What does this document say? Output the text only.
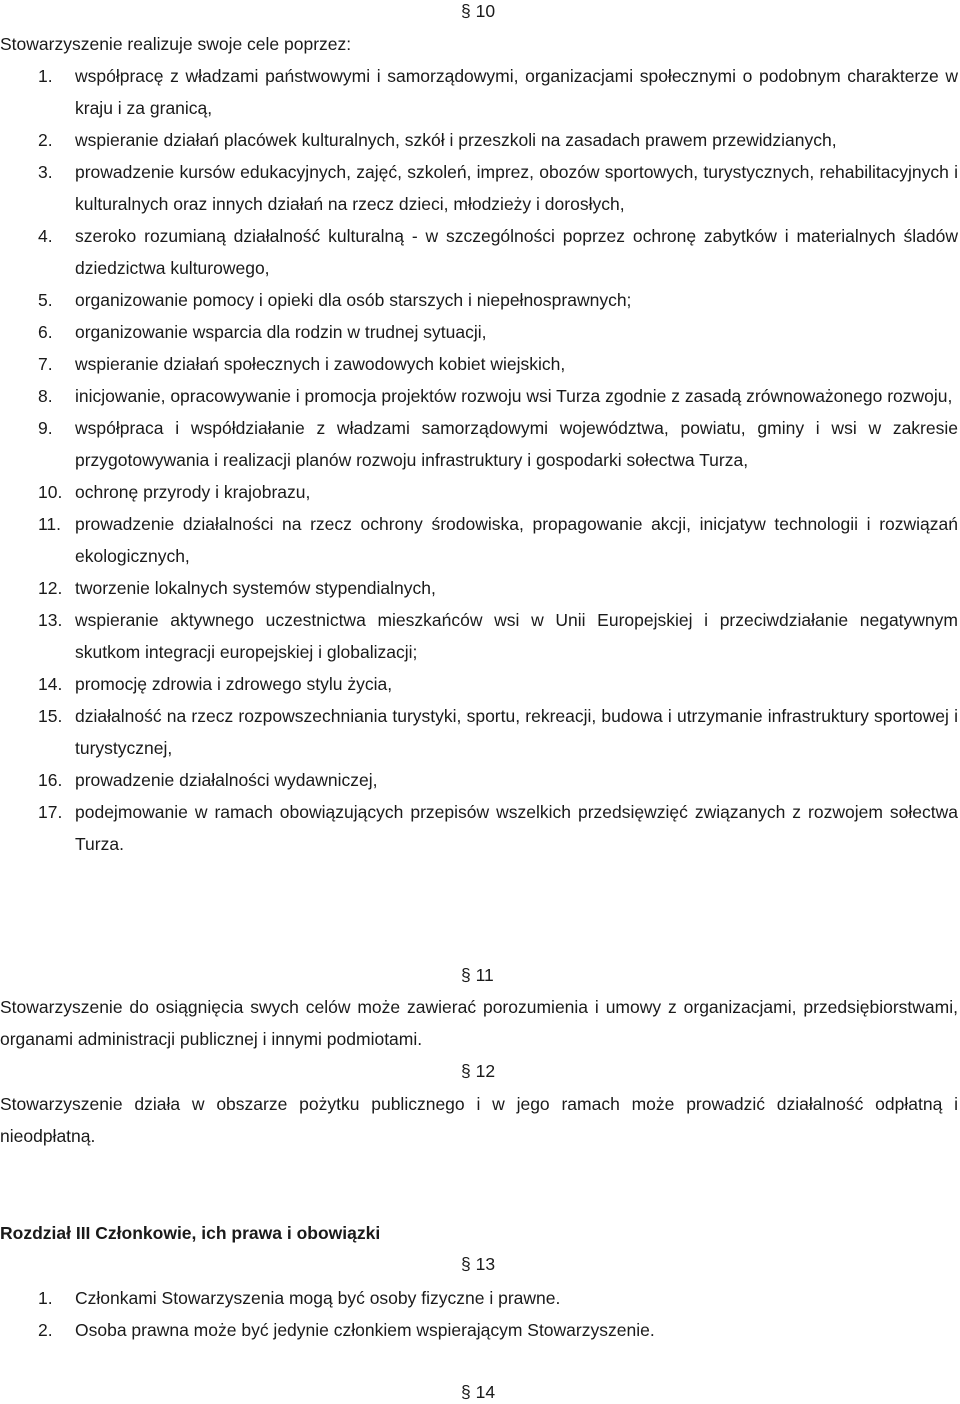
§ 10
Stowarzyszenie realizuje swoje cele poprzez:
1. współpracę z władzami państwowymi i samorządowymi, organizacjami społecznymi o podobnym charakterze w kraju i za granicą,
2. wspieranie działań placówek kulturalnych, szkół i przeszkoli na zasadach prawem przewidzianych,
3. prowadzenie kursów edukacyjnych, zajęć, szkoleń, imprez, obozów sportowych, turystycznych, rehabilitacyjnych i kulturalnych oraz innych działań na rzecz dzieci, młodzieży i dorosłych,
4. szeroko rozumianą działalność kulturalną - w szczególności poprzez ochronę zabytków i materialnych śladów dziedzictwa kulturowego,
5. organizowanie pomocy i opieki dla osób starszych i niepełnosprawnych;
6. organizowanie wsparcia dla rodzin w trudnej sytuacji,
7. wspieranie działań społecznych i zawodowych kobiet wiejskich,
8. inicjowanie, opracowywanie i promocja projektów rozwoju wsi Turza zgodnie z zasadą zrównoważonego rozwoju,
9. współpraca i współdziałanie z władzami samorządowymi województwa, powiatu, gminy i wsi w zakresie przygotowywania i realizacji planów rozwoju infrastruktury i gospodarki sołectwa Turza,
10. ochronę przyrody i krajobrazu,
11. prowadzenie działalności na rzecz ochrony środowiska, propagowanie akcji, inicjatyw technologii i rozwiązań ekologicznych,
12. tworzenie lokalnych systemów stypendialnych,
13. wspieranie aktywnego uczestnictwa mieszkańców wsi w Unii Europejskiej i przeciwdziałanie negatywnym skutkom integracji europejskiej i globalizacji;
14. promocję zdrowia i zdrowego stylu życia,
15. działalność na rzecz rozpowszechniania turystyki, sportu, rekreacji, budowa i utrzymanie infrastruktury sportowej i turystycznej,
16. prowadzenie działalności wydawniczej,
17. podejmowanie w ramach obowiązujących przepisów wszelkich przedsięwzięć związanych z rozwojem sołectwa Turza.
§ 11
Stowarzyszenie do osiągnięcia swych celów może zawierać porozumienia i umowy z organizacjami, przedsiębiorstwami, organami administracji publicznej i innymi podmiotami.
§ 12
Stowarzyszenie działa w obszarze pożytku publicznego i w jego ramach może prowadzić działalność odpłatną i nieodpłatną.
Rozdział III Członkowie, ich prawa i obowiązki
§ 13
1. Członkami Stowarzyszenia mogą być osoby fizyczne i prawne.
2. Osoba prawna może być jedynie członkiem wspierającym Stowarzyszenie.
§ 14
